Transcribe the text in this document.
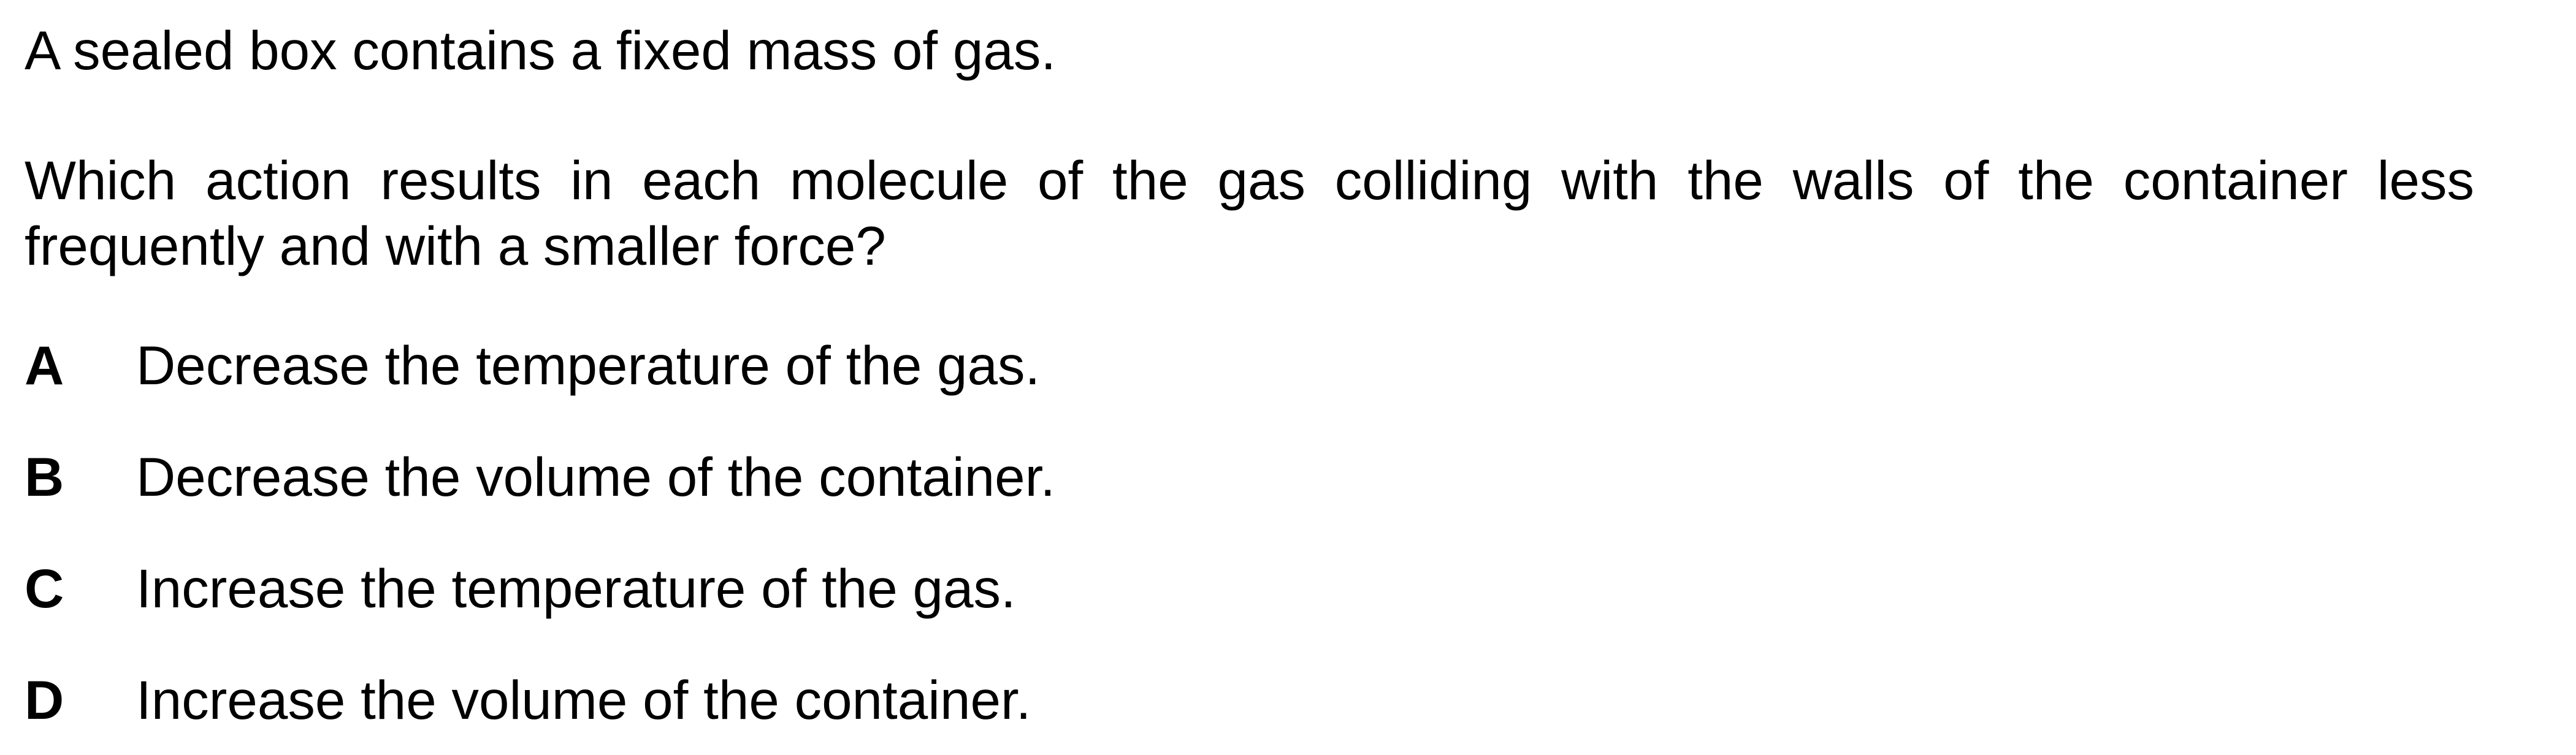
A sealed box contains a fixed mass of gas.
Which action results in each molecule of the gas colliding with the walls of the container less
frequently and with a smaller force?
A Decrease the temperature of the gas.
B Decrease the volume of the container.
C Increase the temperature of the gas.
D Increase the volume of the container.
